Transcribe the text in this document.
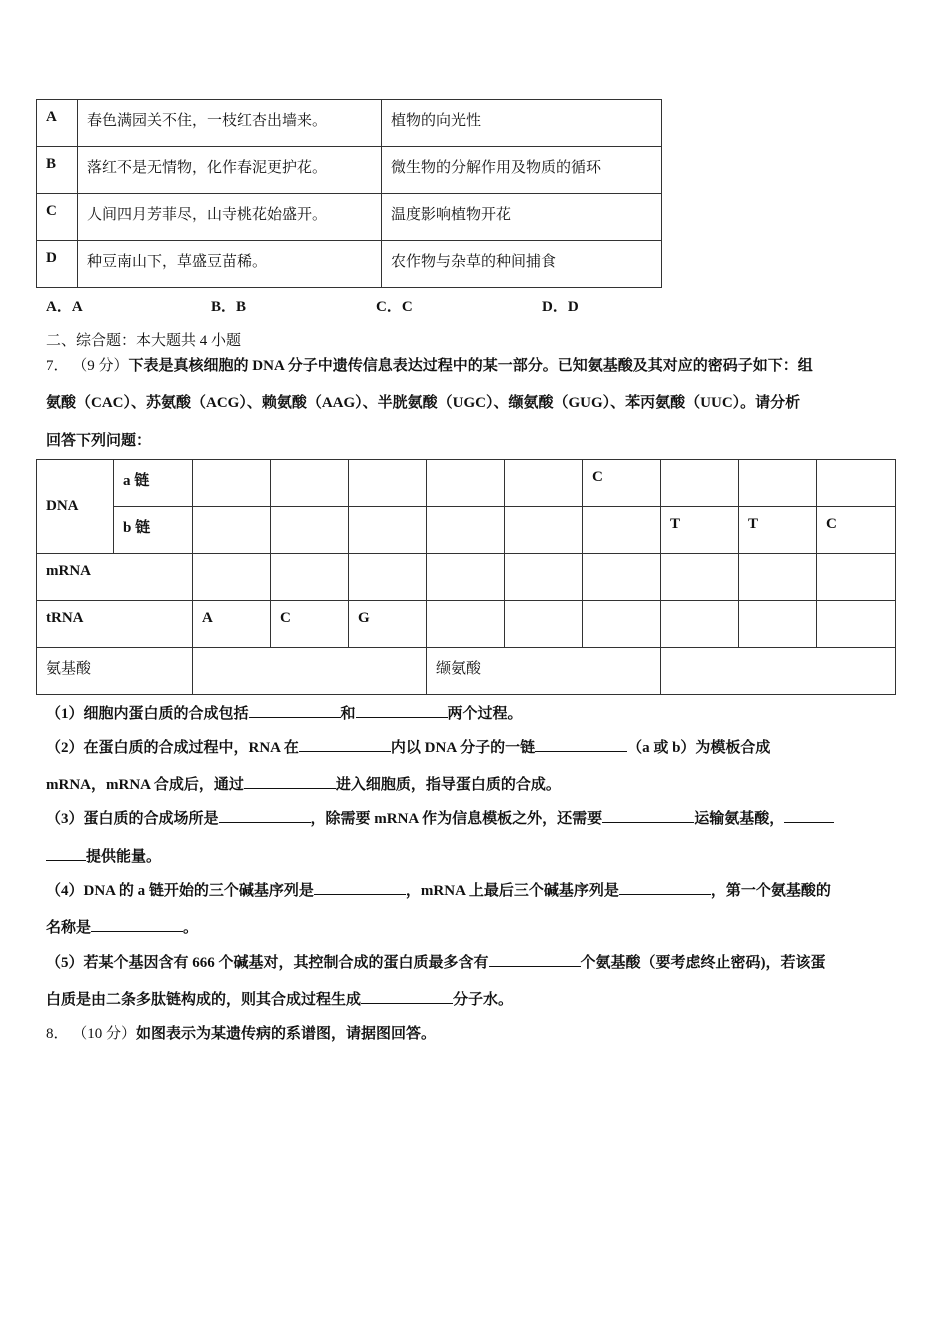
A	春色满园关不住，一枝红杏出墙来。	植物的向光性

B	落红不是无情物，化作春泥更护花。	微生物的分解作用及物质的循环

C	人间四月芳菲尽，山寺桃花始盛开。	温度影响植物开花

D	种豆南山下，草盛豆苗稀。	农作物与杂草的种间捕食
A．A	B．B	C．C	D．D
二、综合题：本大题共 4 小题
7． （9 分）下表是真核细胞的 DNA 分子中遗传信息表达过程中的某一部分。已知氨基酸及其对应的密码子如下：组
氨酸（CAC）、苏氨酸（ACG）、赖氨酸（AAG）、半胱氨酸（UGC）、缬氨酸（GUG）、苯丙氨酸（UUC）。请分析
回答下列问题：
DNA	a 链						C			

	b 链							T	T	C

mRNA										

tRNA		A	C	G						

氨基酸					缬氨酸					

（1）细胞内蛋白质的合成包括	和	两个过程。
（2）在蛋白质的合成过程中，RNA 在	内以 DNA 分子的一链	（a 或 b）为模板合成
mRNA，mRNA 合成后，通过	进入细胞质，指导蛋白质的合成。
（3）蛋白质的合成场所是	，除需要 mRNA 作为信息模板之外，还需要	运输氨基酸，
提供能量。
（4）DNA 的 a 链开始的三个碱基序列是	，mRNA 上最后三个碱基序列是	，第一个氨基酸的
名称是	。
（5）若某个基因含有 666 个碱基对，其控制合成的蛋白质最多含有	个氨基酸（要考虑终止密码)，若该蛋
白质是由二条多肽链构成的，则其合成过程生成	分子水。
8． （10 分）如图表示为某遗传病的系谱图，请据图回答。
